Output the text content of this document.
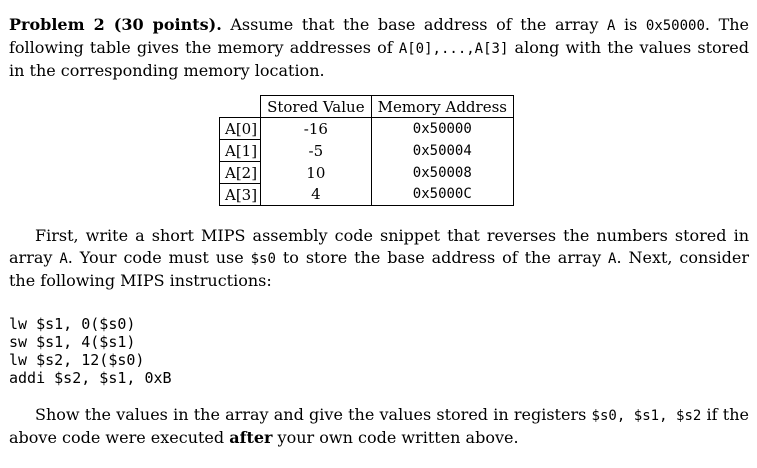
Problem 2 (30 points). Assume that the base address of the array A is 0x50000. The following table gives the memory addresses of A[0],...,A[3] along with the values stored in the corresponding memory location.
	Stored Value	Memory Address
A[0]	-16	0x50000
A[1]	-5	0x50004
A[2]	10	0x50008
A[3]	4	0x5000C
First, write a short MIPS assembly code snippet that reverses the numbers stored in array A. Your code must use $s0 to store the base address of the array A. Next, consider the following MIPS instructions:
lw $s1, 0($s0)
sw $s1, 4($s1)
lw $s2, 12($s0)
addi $s2, $s1, 0xB
Show the values in the array and give the values stored in registers $s0, $s1, $s2 if the above code were executed after your own code written above.
